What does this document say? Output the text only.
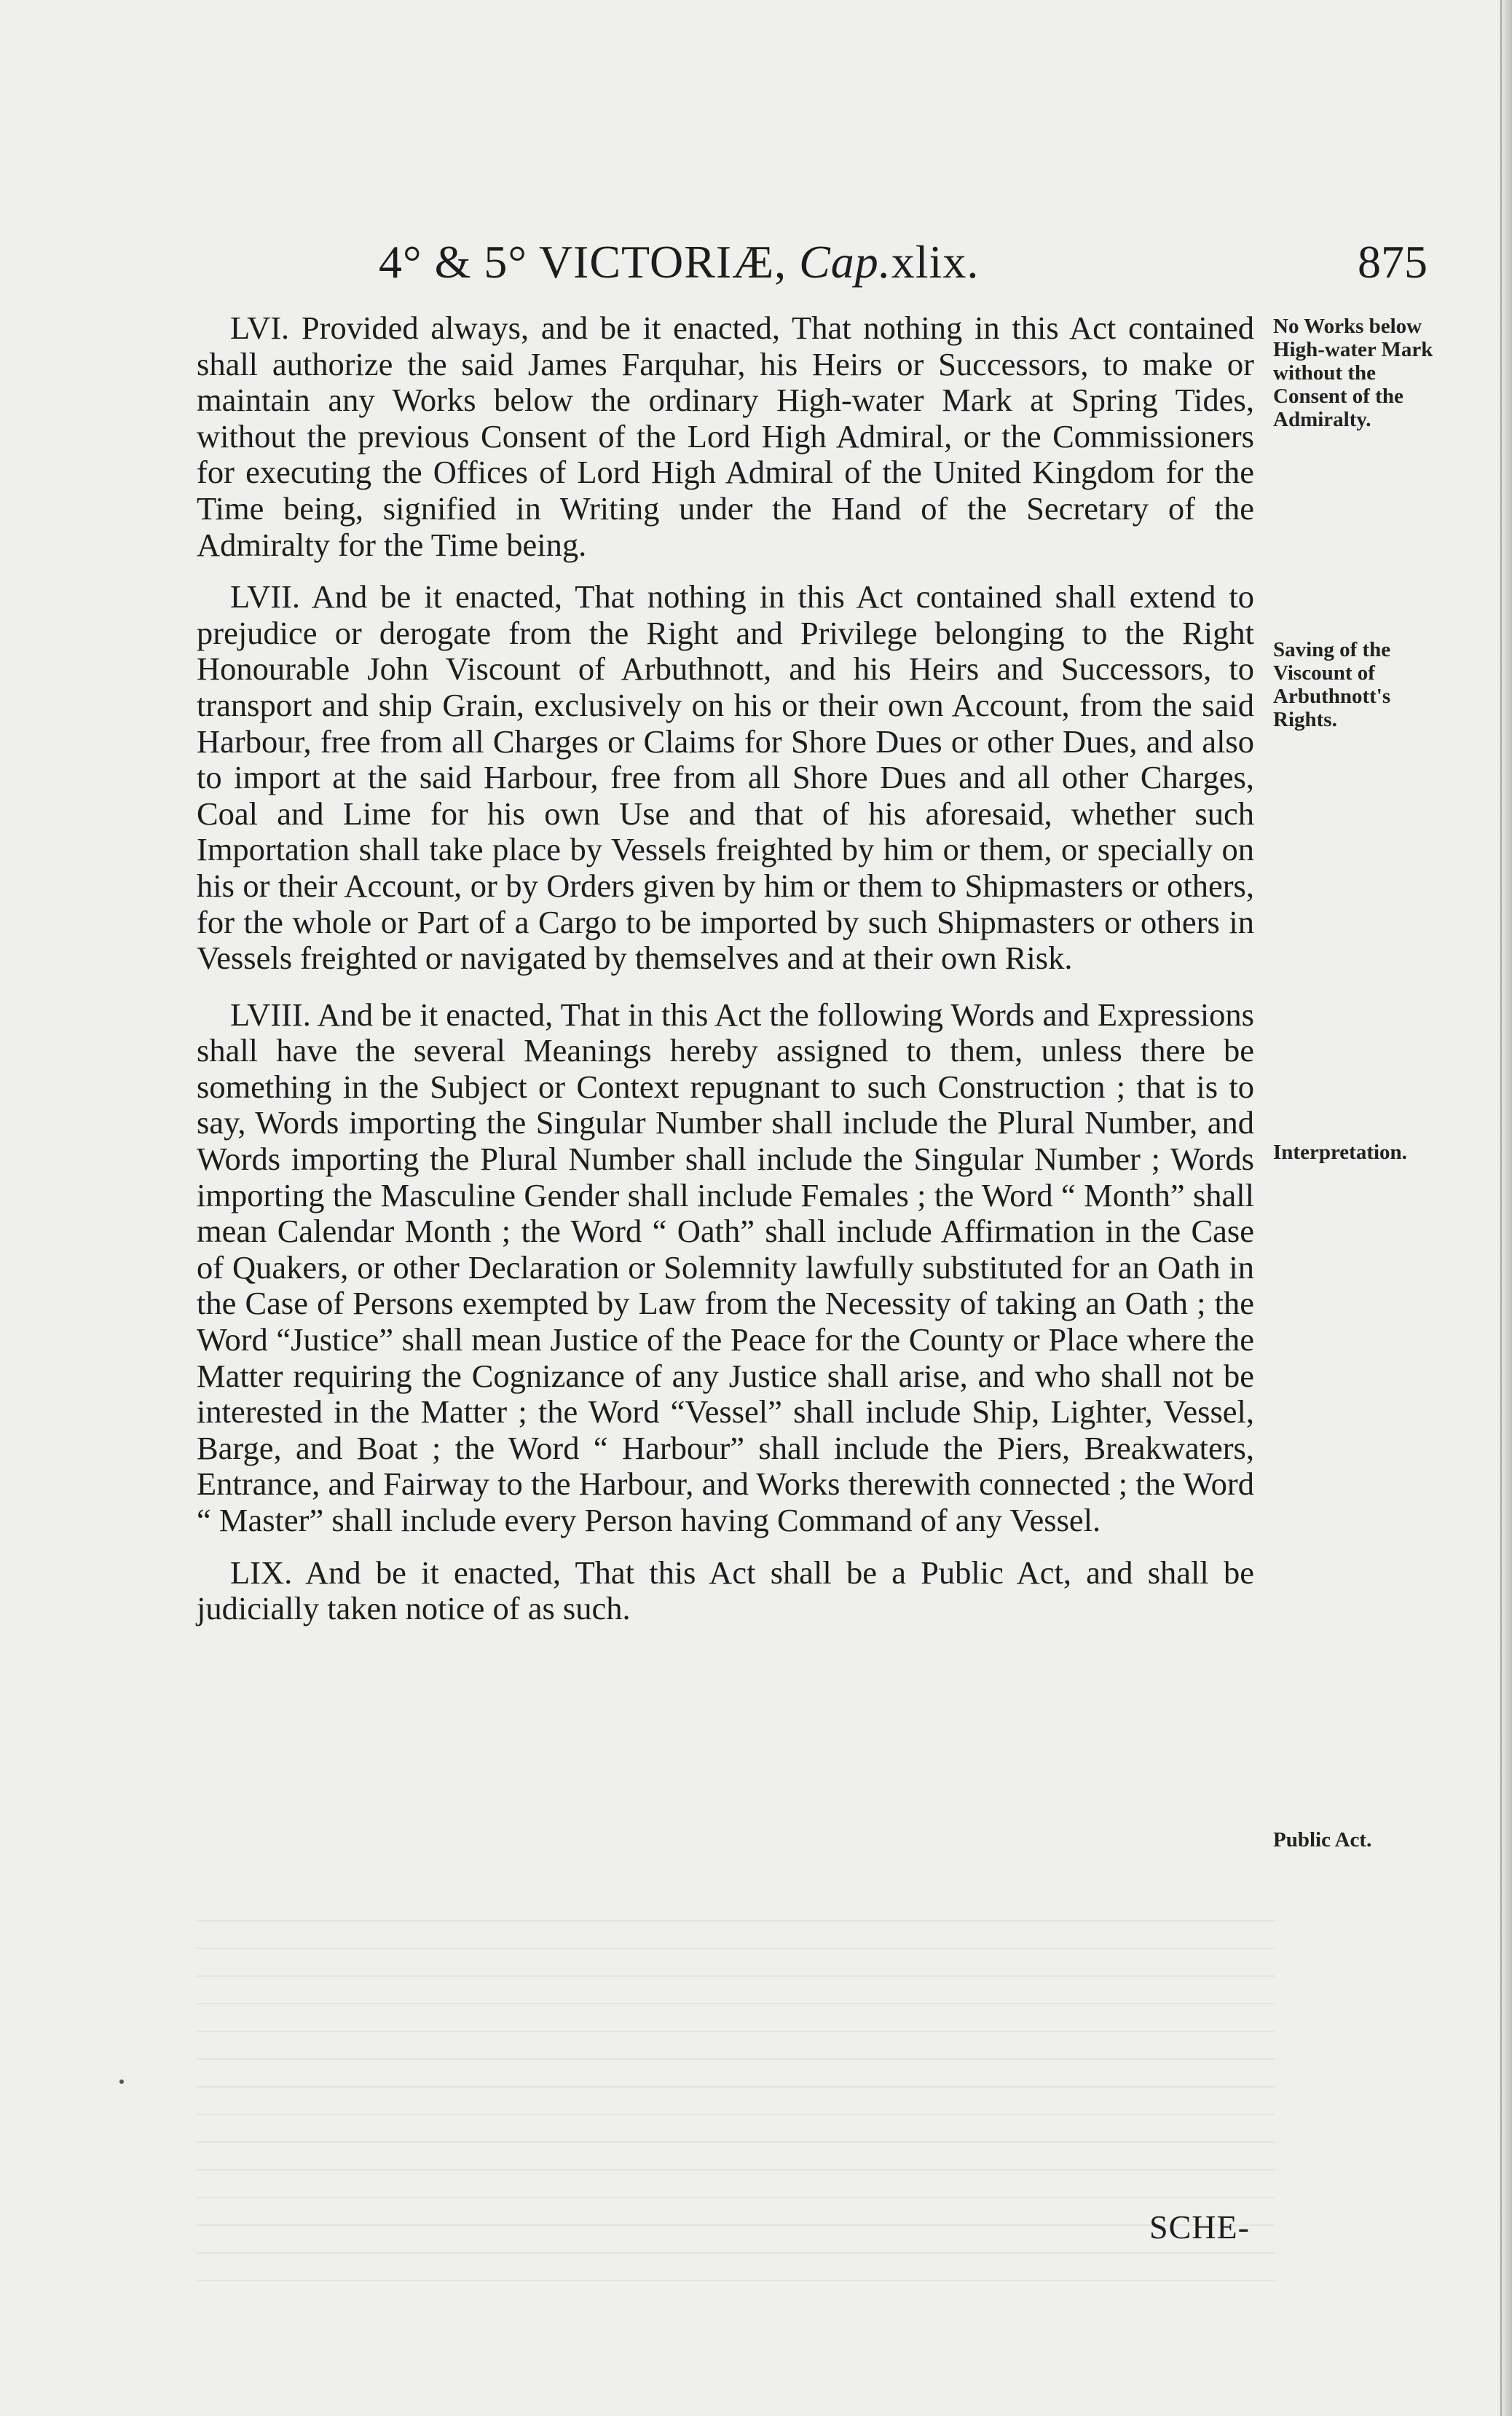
4° & 5° VICTORIÆ, Cap.xlix.	875

LVI. Provided always, and be it enacted, That nothing in this Act contained shall authorize the said James Farquhar, his Heirs or Successors, to make or maintain any Works below the ordinary High-water Mark at Spring Tides, without the previous Consent of the Lord High Admiral, or the Commissioners for executing the Offices of Lord High Admiral of the United Kingdom for the Time being, signified in Writing under the Hand of the Secretary of the Admiralty for the Time being.

LVII. And be it enacted, That nothing in this Act contained shall extend to prejudice or derogate from the Right and Privilege belonging to the Right Honourable John Viscount of Arbuthnott, and his Heirs and Successors, to transport and ship Grain, exclusively on his or their own Account, from the said Harbour, free from all Charges or Claims for Shore Dues or other Dues, and also to import at the said Harbour, free from all Shore Dues and all other Charges, Coal and Lime for his own Use and that of his aforesaid, whether such Importation shall take place by Vessels freighted by him or them, or specially on his or their Account, or by Orders given by him or them to Shipmasters or others, for the whole or Part of a Cargo to be imported by such Shipmasters or others in Vessels freighted or navigated by themselves and at their own Risk.

LVIII. And be it enacted, That in this Act the following Words and Expressions shall have the several Meanings hereby assigned to them, unless there be something in the Subject or Context repugnant to such Construction ; that is to say, Words importing the Singular Number shall include the Plural Number, and Words importing the Plural Number shall include the Singular Number ; Words importing the Masculine Gender shall include Females ; the Word “ Month” shall mean Calendar Month ; the Word “ Oath” shall include Affirmation in the Case of Quakers, or other Declaration or Solemnity lawfully substituted for an Oath in the Case of Persons exempted by Law from the Necessity of taking an Oath ; the Word “Justice” shall mean Justice of the Peace for the County or Place where the Matter requiring the Cognizance of any Justice shall arise, and who shall not be interested in the Matter ; the Word “Vessel” shall include Ship, Lighter, Vessel, Barge, and Boat ; the Word “ Harbour” shall include the Piers, Breakwaters, Entrance, and Fairway to the Harbour, and Works therewith connected ; the Word “ Master” shall include every Person having Command of any Vessel.

LIX. And be it enacted, That this Act shall be a Public Act, and shall be judicially taken notice of as such.

No Works below High-water Mark without the Consent of the Admiralty.
Saving of the Viscount of Arbuthnott's Rights.
Interpretation.
Public Act.
SCHE-
